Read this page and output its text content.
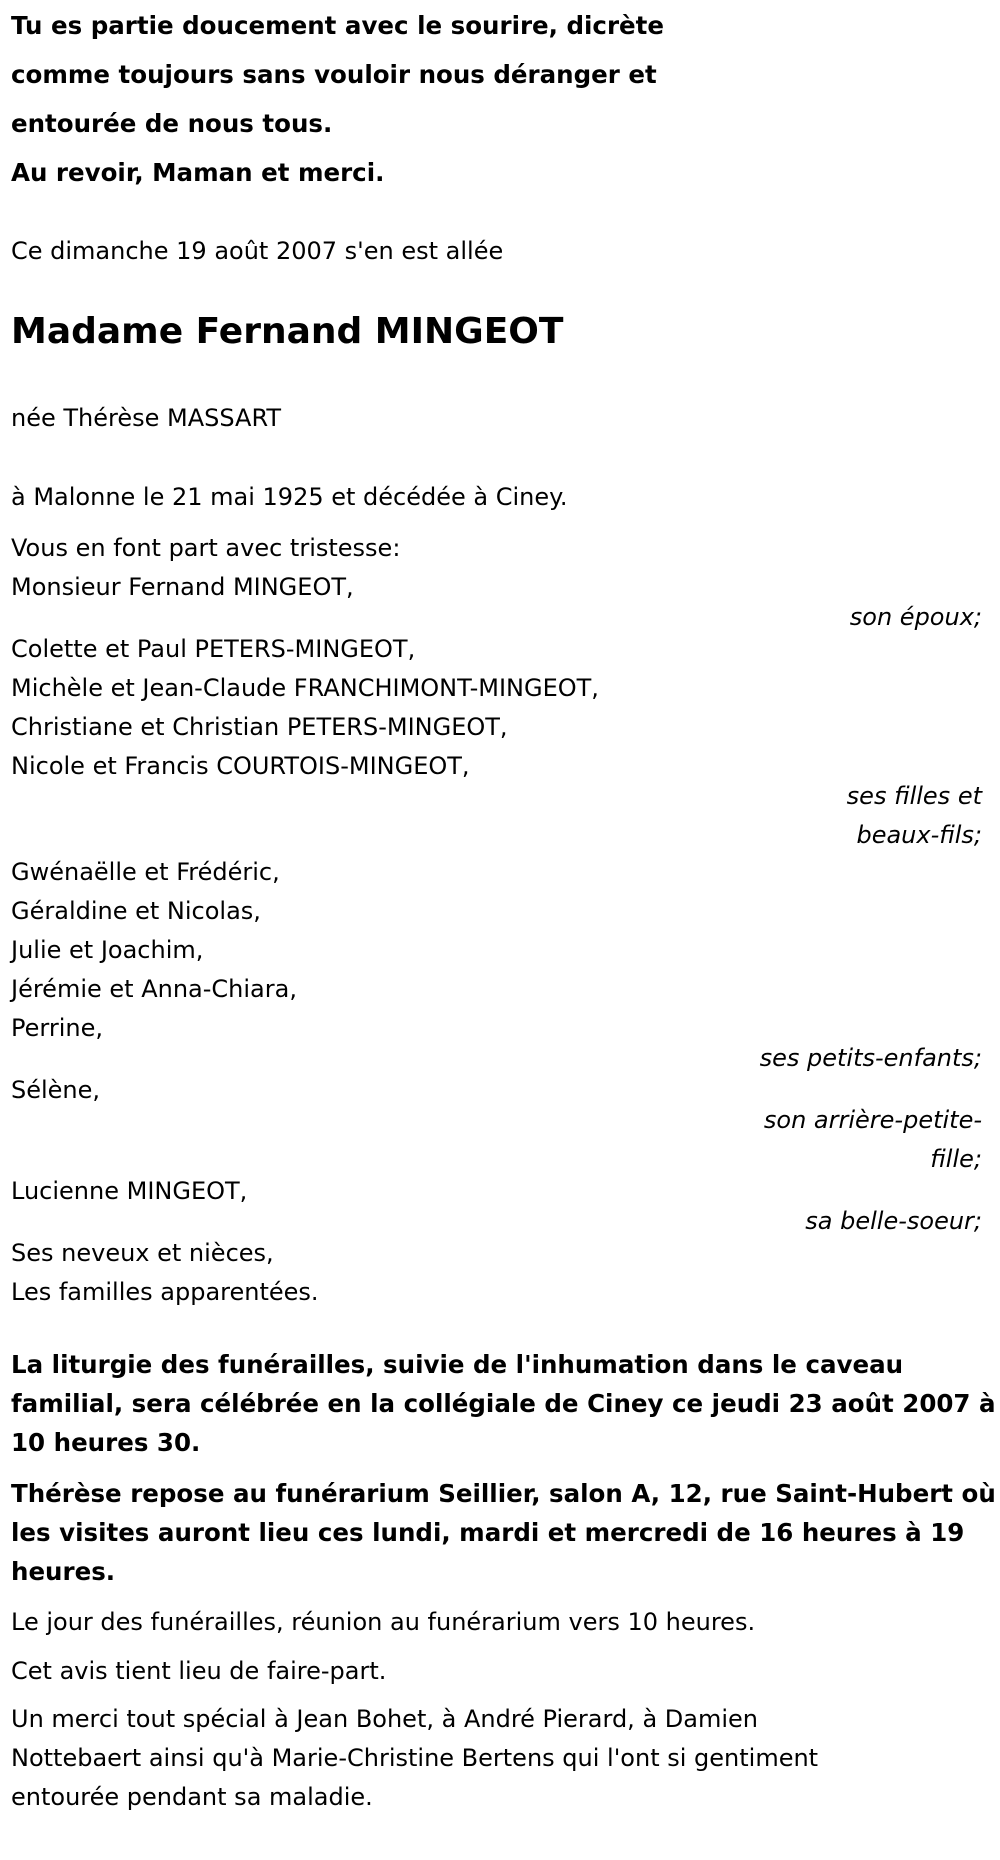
Tu es partie doucement avec le sourire, dicrète
comme toujours sans vouloir nous déranger et
entourée de nous tous.
Au revoir, Maman et merci.
Ce dimanche 19 août 2007 s'en est allée
Madame Fernand MINGEOT
née Thérèse MASSART
à Malonne le 21 mai 1925 et décédée à Ciney.
Vous en font part avec tristesse:
Monsieur Fernand MINGEOT,
son époux;
Colette et Paul PETERS-MINGEOT,
Michèle et Jean-Claude FRANCHIMONT-MINGEOT,
Christiane et Christian PETERS-MINGEOT,
Nicole et Francis COURTOIS-MINGEOT,
ses filles et
beaux-fils;
Gwénaëlle et Frédéric,
Géraldine et Nicolas,
Julie et Joachim,
Jérémie et Anna-Chiara,
Perrine,
ses petits-enfants;
Sélène,
son arrière-petite-
fille;
Lucienne MINGEOT,
sa belle-soeur;
Ses neveux et nièces,
Les familles apparentées.
La liturgie des funérailles, suivie de l'inhumation dans le caveau
familial, sera célébrée en la collégiale de Ciney ce jeudi 23 août 2007 à
10 heures 30.
Thérèse repose au funérarium Seillier, salon A, 12, rue Saint-Hubert où
les visites auront lieu ces lundi, mardi et mercredi de 16 heures à 19
heures.
Le jour des funérailles, réunion au funérarium vers 10 heures.
Cet avis tient lieu de faire-part.
Un merci tout spécial à Jean Bohet, à André Pierard, à Damien
Nottebaert ainsi qu'à Marie-Christine Bertens qui l'ont si gentiment
entourée pendant sa maladie.
